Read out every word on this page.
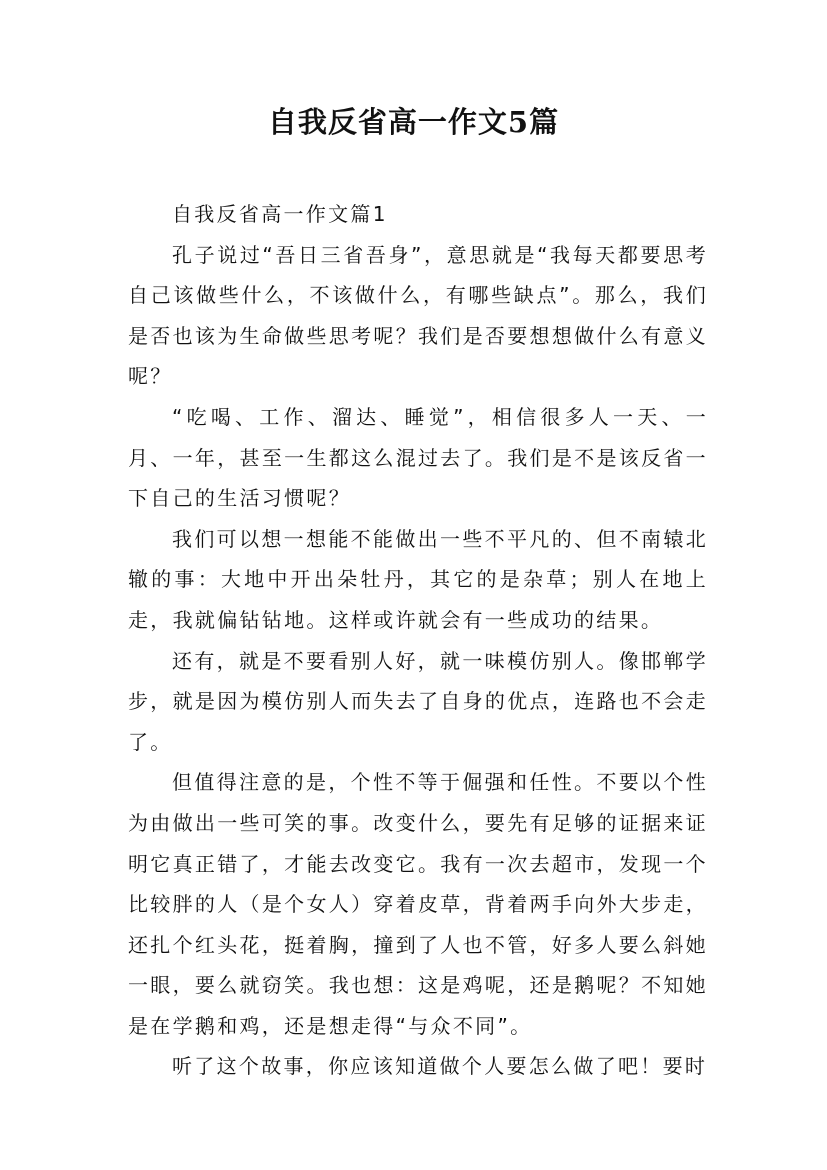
自我反省高一作文5篇

自我反省高一作文篇1

孔子说过“吾日三省吾身”，意思就是“我每天都要思考自己该做些什么，不该做什么，有哪些缺点”。那么，我们是否也该为生命做些思考呢？我们是否要想想做什么有意义呢？

“吃喝、工作、溜达、睡觉”，相信很多人一天、一月、一年，甚至一生都这么混过去了。我们是不是该反省一下自己的生活习惯呢？

我们可以想一想能不能做出一些不平凡的、但不南辕北辙的事：大地中开出朵牡丹，其它的是杂草；别人在地上走，我就偏钻钻地。这样或许就会有一些成功的结果。

还有，就是不要看别人好，就一味模仿别人。像邯郸学步，就是因为模仿别人而失去了自身的优点，连路也不会走了。

但值得注意的是，个性不等于倔强和任性。不要以个性为由做出一些可笑的事。改变什么，要先有足够的证据来证明它真正错了，才能去改变它。我有一次去超市，发现一个比较胖的人（是个女人）穿着皮草，背着两手向外大步走，还扎个红头花，挺着胸，撞到了人也不管，好多人要么斜她一眼，要么就窃笑。我也想：这是鸡呢，还是鹅呢？不知她是在学鹅和鸡，还是想走得“与众不同”。

听了这个故事，你应该知道做个人要怎么做了吧！要时
